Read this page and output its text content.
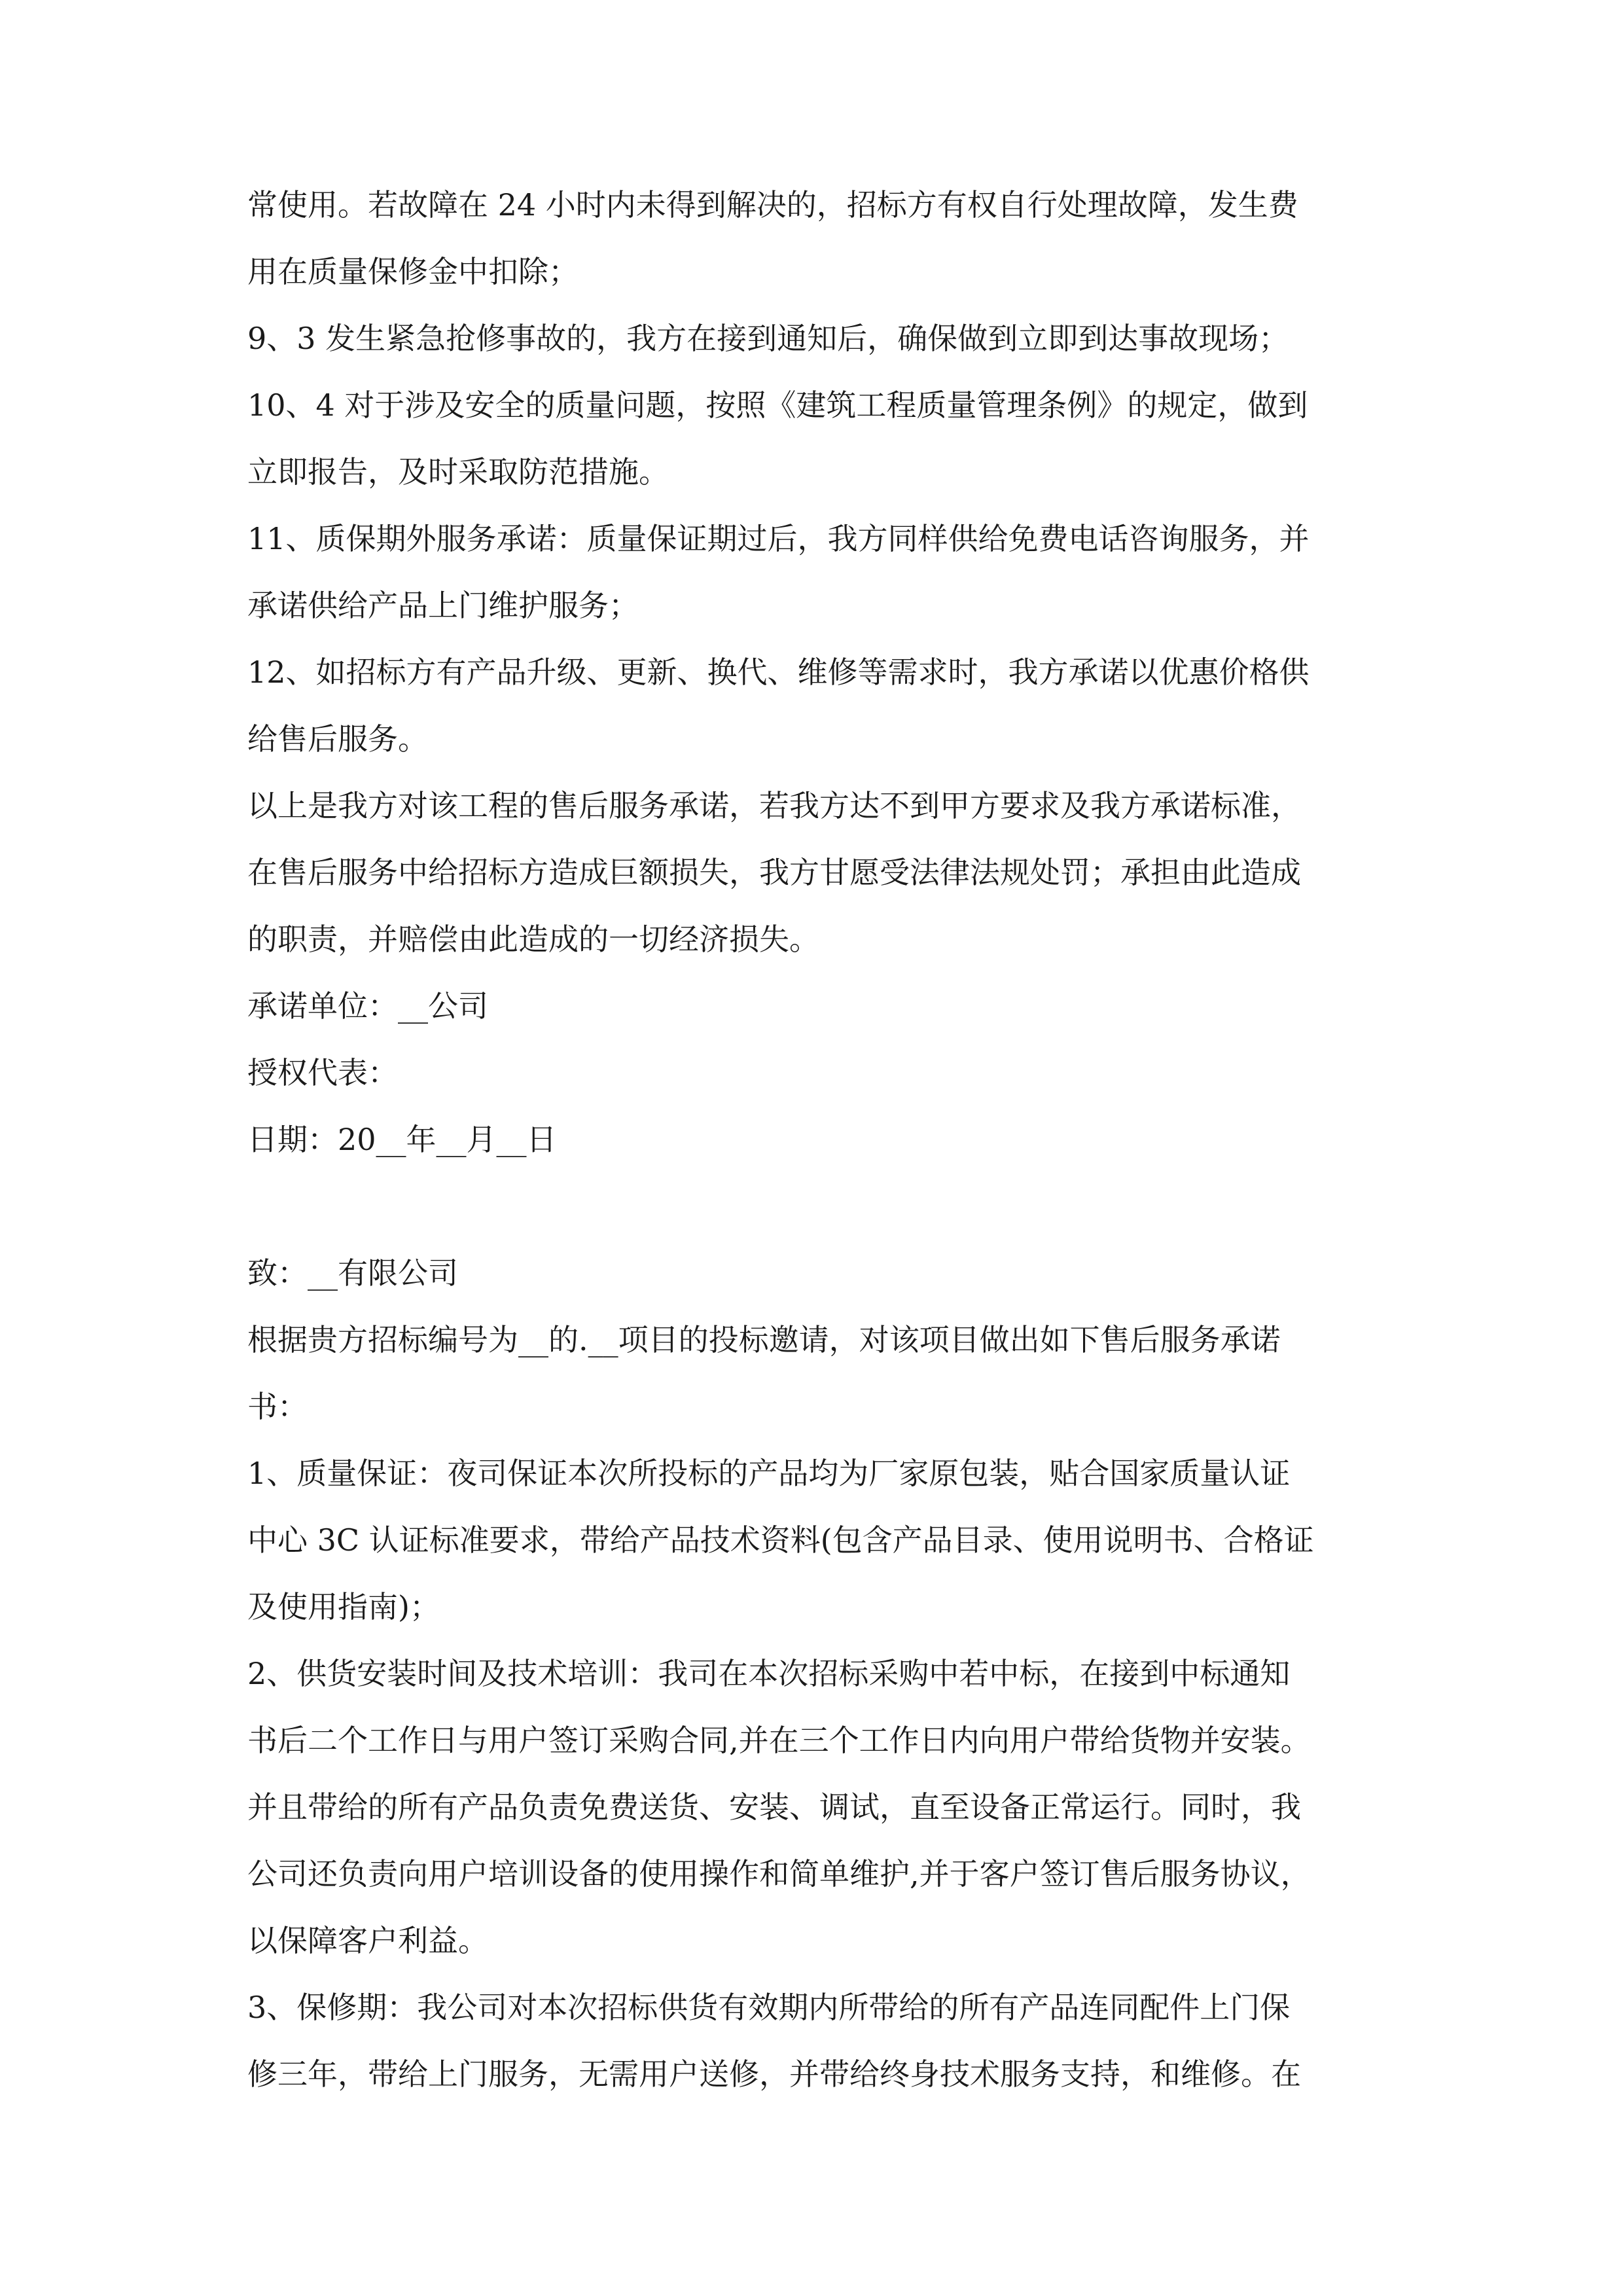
常使用。若故障在 24 小时内未得到解决的，招标方有权自行处理故障，发生费
用在质量保修金中扣除；
9、3 发生紧急抢修事故的，我方在接到通知后，确保做到立即到达事故现场；
10、4 对于涉及安全的质量问题，按照《建筑工程质量管理条例》的规定，做到
立即报告，及时采取防范措施。
11、质保期外服务承诺：质量保证期过后，我方同样供给免费电话咨询服务，并
承诺供给产品上门维护服务；
12、如招标方有产品升级、更新、换代、维修等需求时，我方承诺以优惠价格供
给售后服务。
以上是我方对该工程的售后服务承诺，若我方达不到甲方要求及我方承诺标准，
在售后服务中给招标方造成巨额损失，我方甘愿受法律法规处罚；承担由此造成
的职责，并赔偿由此造成的一切经济损失。
承诺单位：__公司
授权代表：
日期：20__年__月__日
致：__有限公司
根据贵方招标编号为__的.__项目的投标邀请，对该项目做出如下售后服务承诺
书：
1、质量保证：夜司保证本次所投标的产品均为厂家原包装，贴合国家质量认证
中心 3C 认证标准要求，带给产品技术资料(包含产品目录、使用说明书、合格证
及使用指南)；
2、供货安装时间及技术培训：我司在本次招标采购中若中标，在接到中标通知
书后二个工作日与用户签订采购合同,并在三个工作日内向用户带给货物并安装。
并且带给的所有产品负责免费送货、安装、调试，直至设备正常运行。同时，我
公司还负责向用户培训设备的使用操作和简单维护,并于客户签订售后服务协议，
以保障客户利益。
3、保修期：我公司对本次招标供货有效期内所带给的所有产品连同配件上门保
修三年，带给上门服务，无需用户送修，并带给终身技术服务支持，和维修。在
